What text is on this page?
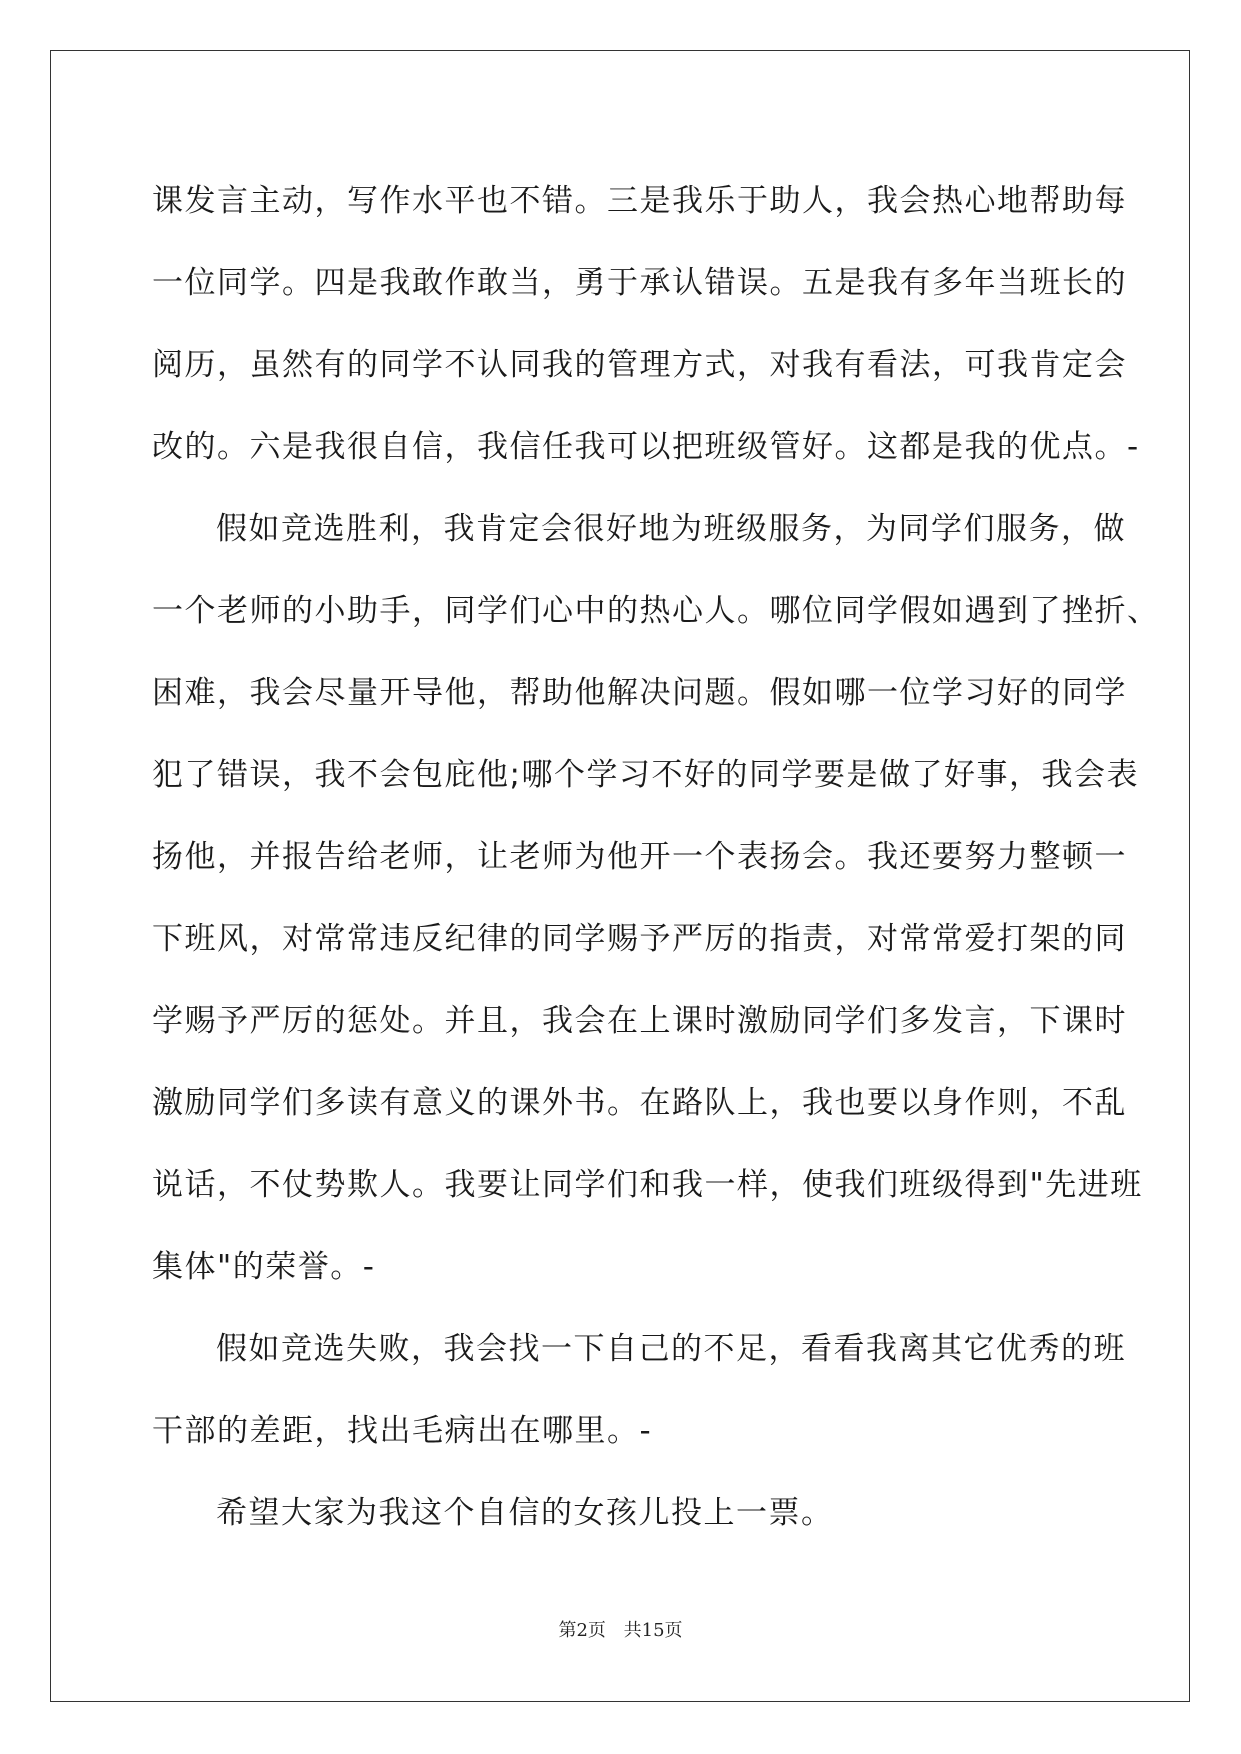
课发言主动，写作水平也不错。三是我乐于助人，我会热心地帮助每
一位同学。四是我敢作敢当，勇于承认错误。五是我有多年当班长的
阅历，虽然有的同学不认同我的管理方式，对我有看法，可我肯定会
改的。六是我很自信，我信任我可以把班级管好。这都是我的优点。-
假如竞选胜利，我肯定会很好地为班级服务，为同学们服务，做
一个老师的小助手，同学们心中的热心人。哪位同学假如遇到了挫折、
困难，我会尽量开导他，帮助他解决问题。假如哪一位学习好的同学
犯了错误，我不会包庇他;哪个学习不好的同学要是做了好事，我会表
扬他，并报告给老师，让老师为他开一个表扬会。我还要努力整顿一
下班风，对常常违反纪律的同学赐予严厉的指责，对常常爱打架的同
学赐予严厉的惩处。并且，我会在上课时激励同学们多发言，下课时
激励同学们多读有意义的课外书。在路队上，我也要以身作则，不乱
说话，不仗势欺人。我要让同学们和我一样，使我们班级得到"先进班
集体"的荣誉。-
假如竞选失败，我会找一下自己的不足，看看我离其它优秀的班
干部的差距，找出毛病出在哪里。-
希望大家为我这个自信的女孩儿投上一票。
第2页 共15页
